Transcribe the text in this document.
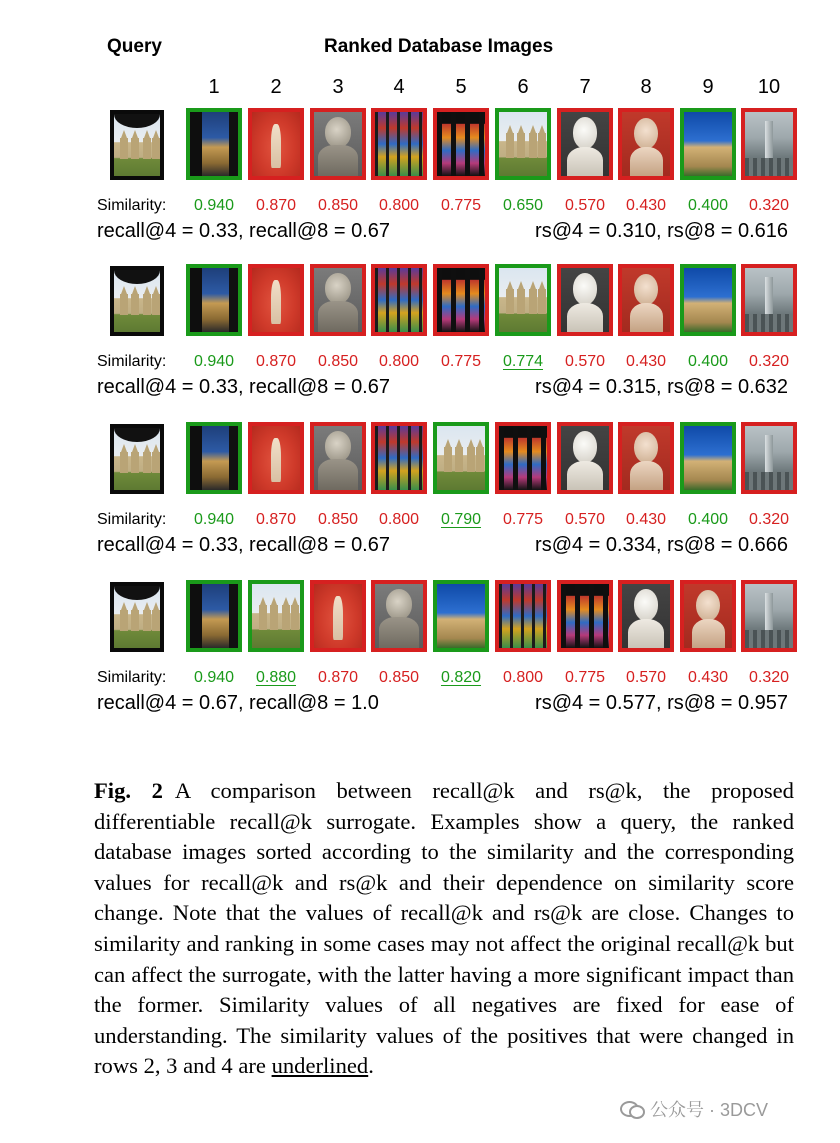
Query	Ranked Database Images
1	2	3	4	5	6	7	8	9	10
Similarity:	0.940	0.870	0.850	0.800	0.775	0.650	0.570	0.430	0.400	0.320
recall@4 = 0.33, recall@8 = 0.67	rs@4 = 0.310, rs@8 = 0.616
Similarity:	0.940	0.870	0.850	0.800	0.775	0.774	0.570	0.430	0.400	0.320
recall@4 = 0.33, recall@8 = 0.67	rs@4 = 0.315, rs@8 = 0.632
Similarity:	0.940	0.870	0.850	0.800	0.790	0.775	0.570	0.430	0.400	0.320
recall@4 = 0.33, recall@8 = 0.67	rs@4 = 0.334, rs@8 = 0.666
Similarity:	0.940	0.880	0.870	0.850	0.820	0.800	0.775	0.570	0.430	0.320
recall@4 = 0.67, recall@8 = 1.0	rs@4 = 0.577, rs@8 = 0.957
Fig. 2 A comparison between recall@k and rs@k, the proposed differentiable recall@k surrogate. Examples show a query, the ranked database images sorted according to the similarity and the corresponding values for recall@k and rs@k and their dependence on similarity score change. Note that the values of recall@k and rs@k are close. Changes to similarity and ranking in some cases may not affect the original recall@k but can affect the surrogate, with the latter having a more significant impact than the former. Similarity values of all negatives are fixed for ease of understanding. The similarity values of the positives that were changed in rows 2, 3 and 4 are underlined.
公众号 · 3DCV
